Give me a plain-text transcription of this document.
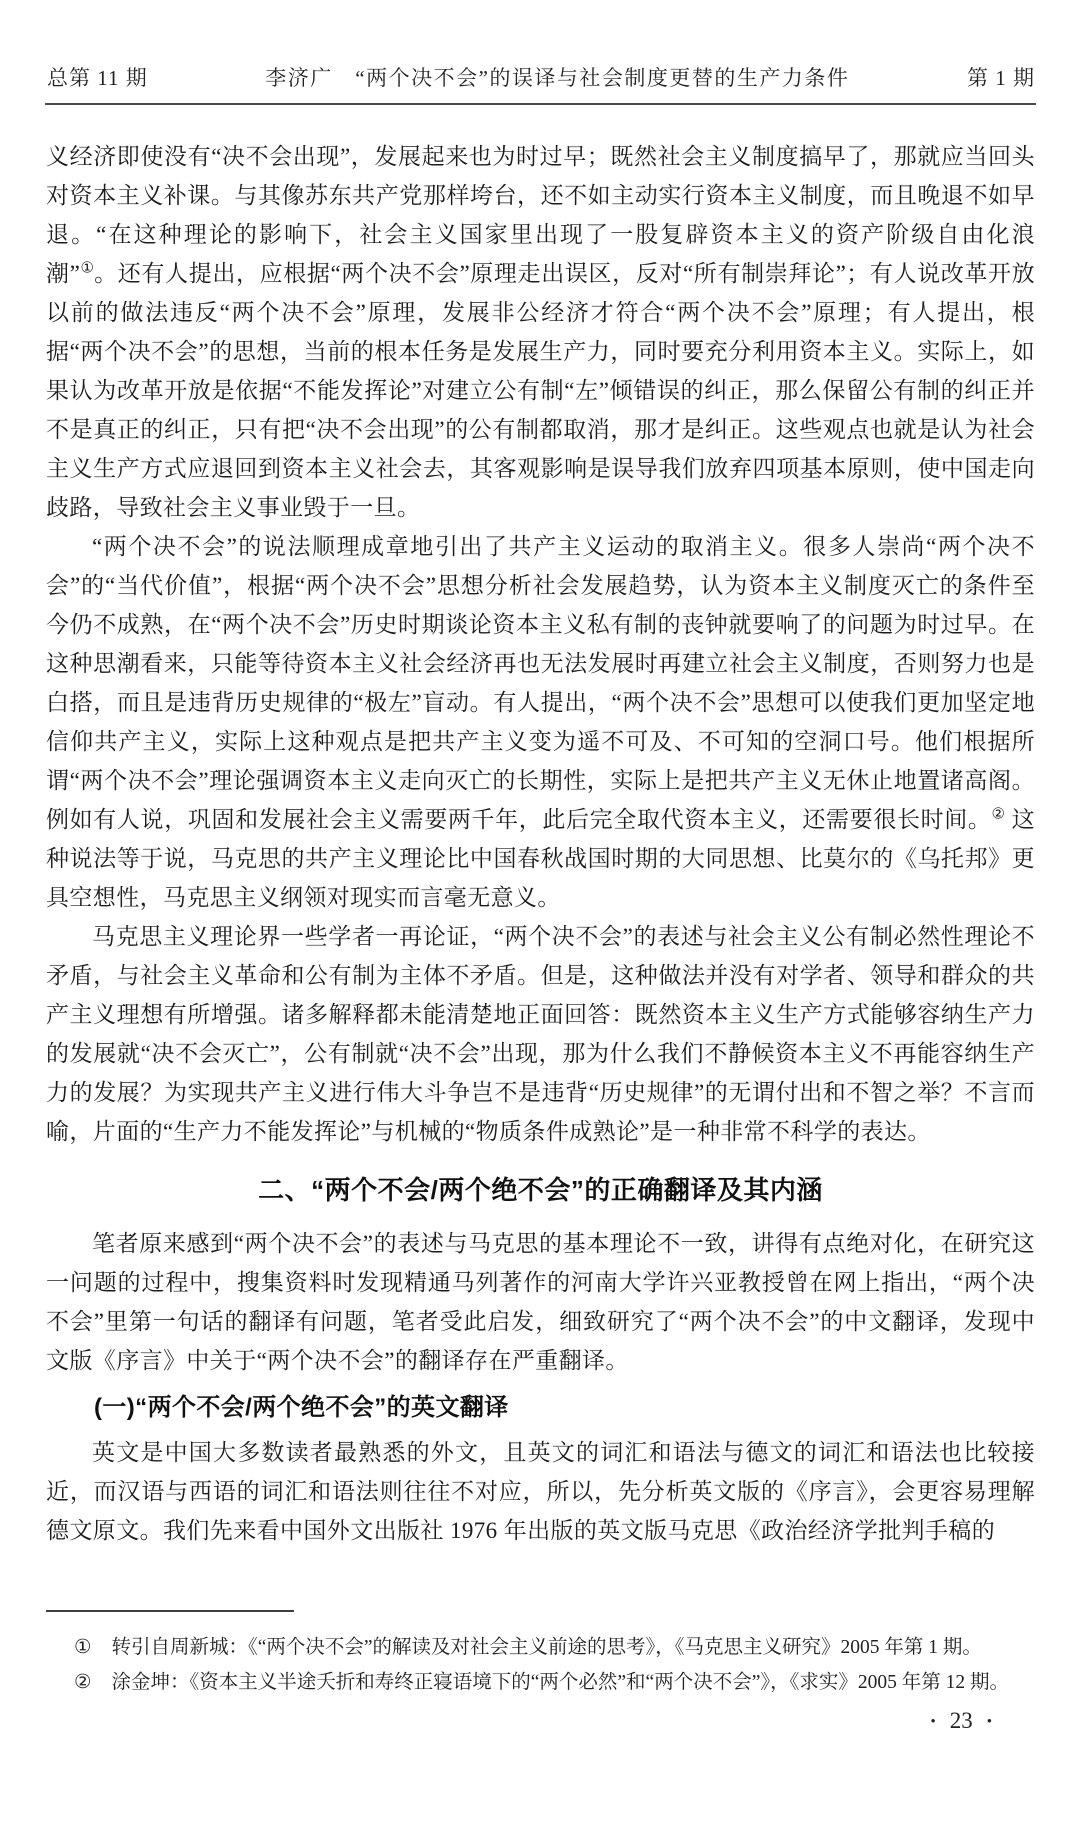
总第 11 期	李济广　“两个决不会”的误译与社会制度更替的生产力条件	第 1 期

义经济即使没有“决不会出现”，发展起来也为时过早；既然社会主义制度搞早了，那就应当回头对资本主义补课。与其像苏东共产党那样垮台，还不如主动实行资本主义制度，而且晚退不如早退。“在这种理论的影响下，社会主义国家里出现了一股复辟资本主义的资产阶级自由化浪潮”①。还有人提出，应根据“两个决不会”原理走出误区，反对“所有制崇拜论”；有人说改革开放以前的做法违反“两个决不会”原理，发展非公经济才符合“两个决不会”原理；有人提出，根据“两个决不会”的思想，当前的根本任务是发展生产力，同时要充分利用资本主义。实际上，如果认为改革开放是依据“不能发挥论”对建立公有制“左”倾错误的纠正，那么保留公有制的纠正并不是真正的纠正，只有把“决不会出现”的公有制都取消，那才是纠正。这些观点也就是认为社会主义生产方式应退回到资本主义社会去，其客观影响是误导我们放弃四项基本原则，使中国走向歧路，导致社会主义事业毁于一旦。

“两个决不会”的说法顺理成章地引出了共产主义运动的取消主义。很多人崇尚“两个决不会”的“当代价值”，根据“两个决不会”思想分析社会发展趋势，认为资本主义制度灭亡的条件至今仍不成熟，在“两个决不会”历史时期谈论资本主义私有制的丧钟就要响了的问题为时过早。在这种思潮看来，只能等待资本主义社会经济再也无法发展时再建立社会主义制度，否则努力也是白搭，而且是违背历史规律的“极左”盲动。有人提出，“两个决不会”思想可以使我们更加坚定地信仰共产主义，实际上这种观点是把共产主义变为遥不可及、不可知的空洞口号。他们根据所谓“两个决不会”理论强调资本主义走向灭亡的长期性，实际上是把共产主义无休止地置诸高阁。例如有人说，巩固和发展社会主义需要两千年，此后完全取代资本主义，还需要很长时间。② 这种说法等于说，马克思的共产主义理论比中国春秋战国时期的大同思想、比莫尔的《乌托邦》更具空想性，马克思主义纲领对现实而言毫无意义。

马克思主义理论界一些学者一再论证，“两个决不会”的表述与社会主义公有制必然性理论不矛盾，与社会主义革命和公有制为主体不矛盾。但是，这种做法并没有对学者、领导和群众的共产主义理想有所增强。诸多解释都未能清楚地正面回答：既然资本主义生产方式能够容纳生产力的发展就“决不会灭亡”，公有制就“决不会”出现，那为什么我们不静候资本主义不再能容纳生产力的发展？为实现共产主义进行伟大斗争岂不是违背“历史规律”的无谓付出和不智之举？不言而喻，片面的“生产力不能发挥论”与机械的“物质条件成熟论”是一种非常不科学的表达。

二、“两个不会/两个绝不会”的正确翻译及其内涵

笔者原来感到“两个决不会”的表述与马克思的基本理论不一致，讲得有点绝对化，在研究这一问题的过程中，搜集资料时发现精通马列著作的河南大学许兴亚教授曾在网上指出，“两个决不会”里第一句话的翻译有问题，笔者受此启发，细致研究了“两个决不会”的中文翻译，发现中文版《序言》中关于“两个决不会”的翻译存在严重翻译。

(一)“两个不会/两个绝不会”的英文翻译

英文是中国大多数读者最熟悉的外文，且英文的词汇和语法与德文的词汇和语法也比较接近，而汉语与西语的词汇和语法则往往不对应，所以，先分析英文版的《序言》，会更容易理解德文原文。我们先来看中国外文出版社 1976 年出版的英文版马克思《政治经济学批判手稿的

① 转引自周新城：《“两个决不会”的解读及对社会主义前途的思考》，《马克思主义研究》2005 年第 1 期。
② 涂金坤：《资本主义半途夭折和寿终正寝语境下的“两个必然”和“两个决不会”》，《求实》2005 年第 12 期。
• 23 •
